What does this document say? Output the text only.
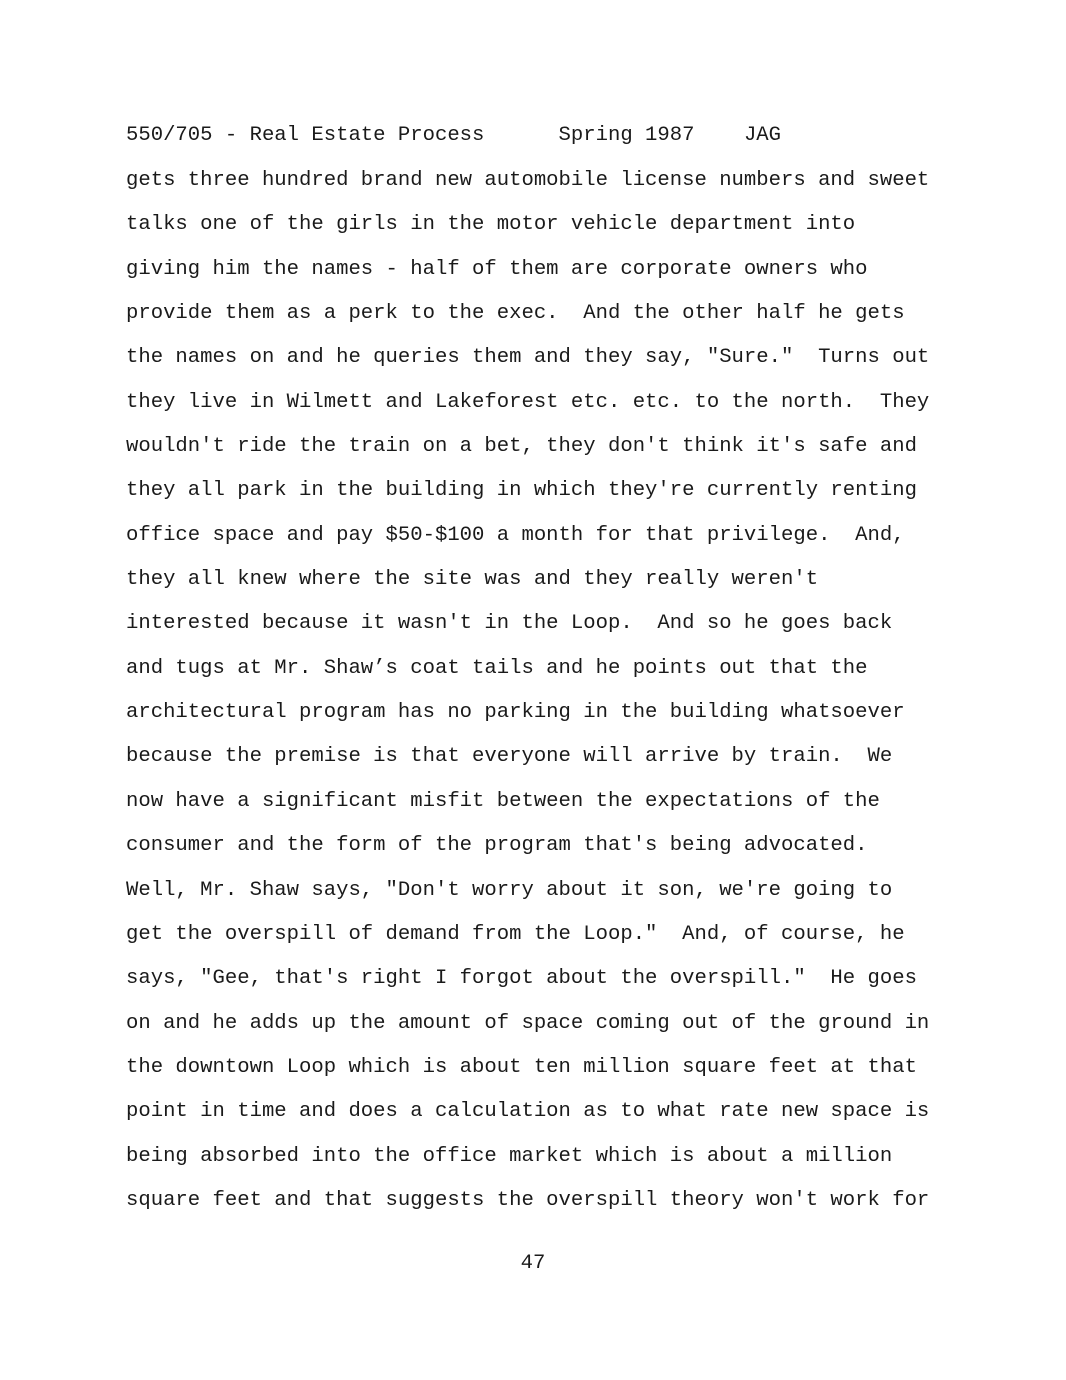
550/705 - Real Estate Process	Spring 1987 JAG
gets three hundred brand new automobile license numbers and sweet
talks one of the girls in the motor vehicle department into
giving him the names - half of them are corporate owners who
provide them as a perk to the exec.  And the other half he gets
the names on and he queries them and they say, "Sure."  Turns out
they live in Wilmett and Lakeforest etc. etc. to the north.  They
wouldn't ride the train on a bet, they don't think it's safe and
they all park in the building in which they're currently renting
office space and pay $50-$100 a month for that privilege.  And,
they all knew where the site was and they really weren't
interested because it wasn't in the Loop.  And so he goes back
and tugs at Mr. Shaw’s coat tails and he points out that the
architectural program has no parking in the building whatsoever
because the premise is that everyone will arrive by train.  We
now have a significant misfit between the expectations of the
consumer and the form of the program that's being advocated.
Well, Mr. Shaw says, "Don't worry about it son, we're going to
get the overspill of demand from the Loop."  And, of course, he
says, "Gee, that's right I forgot about the overspill."  He goes
on and he adds up the amount of space coming out of the ground in
the downtown Loop which is about ten million square feet at that
point in time and does a calculation as to what rate new space is
being absorbed into the office market which is about a million
square feet and that suggests the overspill theory won't work for
47
